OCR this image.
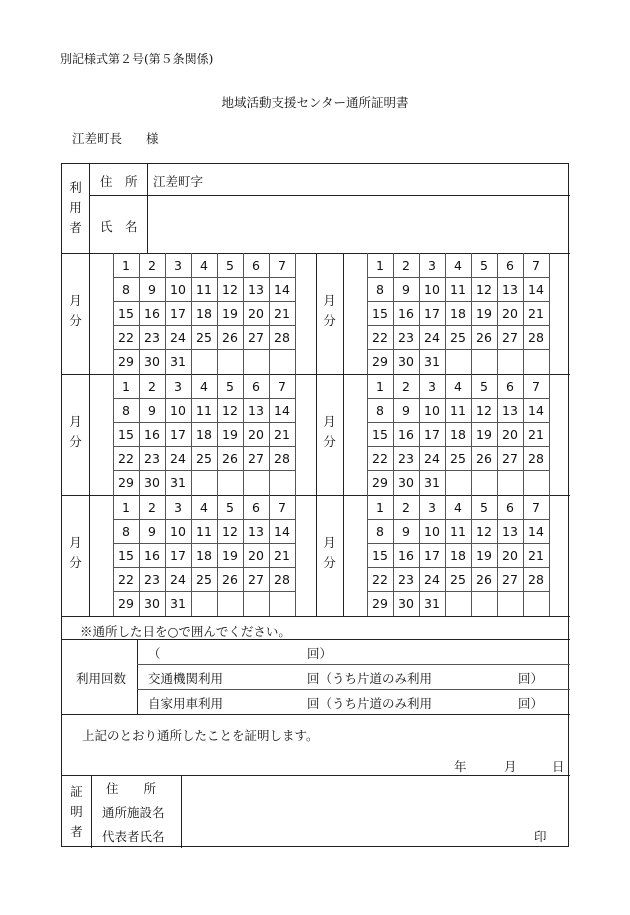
別記様式第２号(第５条関係)
地域活動支援センター通所証明書
江差町長 様
利
用
者
住　所 江差町字
氏　名
月
分
1	2	3	4	5	6	7
8	9	10 11 12 13 14
15 16 17 18 19 20 21
22 23 24 25 26 27 28
29 30 31
月
分
1	2	3	4	5	6	7
8	9	10 11 12 13 14
15 16 17 18 19 20 21
22 23 24 25 26 27 28
29 30 31
月
分
1	2	3	4	5	6	7
8	9	10 11 12 13 14
15 16 17 18 19 20 21
22 23 24 25 26 27 28
29 30 31
月
分
1	2	3	4	5	6	7
8	9	10 11 12 13 14
15 16 17 18 19 20 21
22 23 24 25 26 27 28
29 30 31
月
分
1	2	3	4	5	6	7
8	9	10 11 12 13 14
15 16 17 18 19 20 21
22 23 24 25 26 27 28
29 30 31
月
分
1	2	3	4	5	6	7
8	9	10 11 12 13 14
15 16 17 18 19 20 21
22 23 24 25 26 27 28
29 30 31
※通所した日を○で囲んでください。
利用回数
（	回）
交通機関利用	回（うち片道のみ利用	回）
自家用車利用	回（うち片道のみ利用	回）
上記のとおり通所したことを証明します。
年	月	日
証
明
者
住　　所
通所施設名
代表者氏名	印
